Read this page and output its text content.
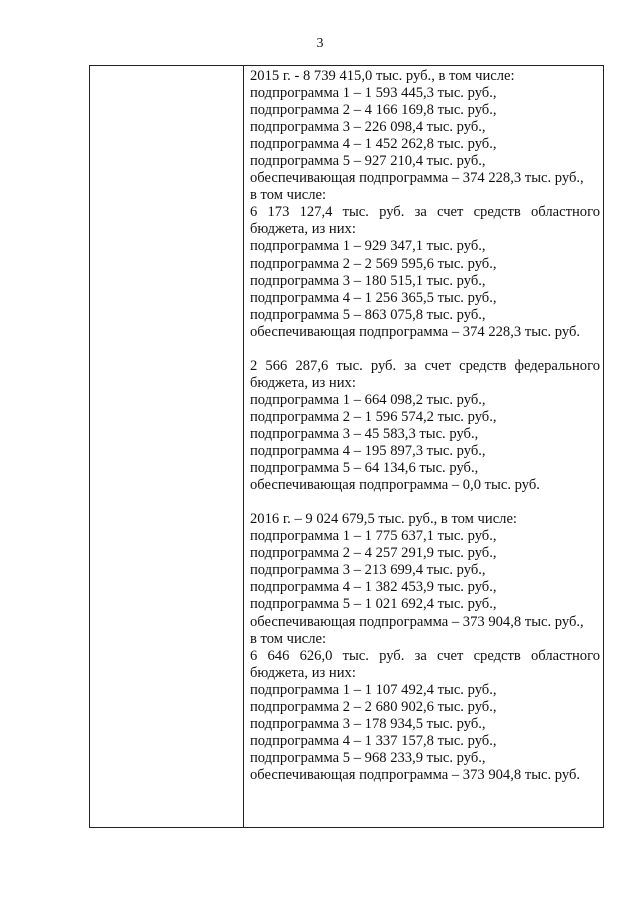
3
2015 г. - 8 739 415,0 тыс. руб., в том числе:
подпрограмма 1 – 1 593 445,3 тыс. руб.,
подпрограмма 2 – 4 166 169,8 тыс. руб.,
подпрограмма 3 – 226 098,4 тыс. руб.,
подпрограмма 4 – 1 452 262,8 тыс. руб.,
подпрограмма 5 – 927 210,4 тыс. руб.,
обеспечивающая подпрограмма – 374 228,3 тыс. руб.,
в том числе:
6 173 127,4 тыс. руб. за счет средств областного
бюджета, из них:
подпрограмма 1 – 929 347,1 тыс. руб.,
подпрограмма 2 – 2 569 595,6 тыс. руб.,
подпрограмма 3 – 180 515,1 тыс. руб.,
подпрограмма 4 – 1 256 365,5 тыс. руб.,
подпрограмма 5 – 863 075,8 тыс. руб.,
обеспечивающая подпрограмма – 374 228,3 тыс. руб.
2 566 287,6 тыс. руб. за счет средств федерального
бюджета, из них:
подпрограмма 1 – 664 098,2 тыс. руб.,
подпрограмма 2 – 1 596 574,2 тыс. руб.,
подпрограмма 3 – 45 583,3 тыс. руб.,
подпрограмма 4 – 195 897,3 тыс. руб.,
подпрограмма 5 – 64 134,6 тыс. руб.,
обеспечивающая подпрограмма – 0,0 тыс. руб.
2016 г. – 9 024 679,5 тыс. руб., в том числе:
подпрограмма 1 – 1 775 637,1 тыс. руб.,
подпрограмма 2 – 4 257 291,9 тыс. руб.,
подпрограмма 3 – 213 699,4 тыс. руб.,
подпрограмма 4 – 1 382 453,9 тыс. руб.,
подпрограмма 5 – 1 021 692,4 тыс. руб.,
обеспечивающая подпрограмма – 373 904,8 тыс. руб.,
в том числе:
6 646 626,0 тыс. руб. за счет средств областного
бюджета, из них:
подпрограмма 1 – 1 107 492,4 тыс. руб.,
подпрограмма 2 – 2 680 902,6 тыс. руб.,
подпрограмма 3 – 178 934,5 тыс. руб.,
подпрограмма 4 – 1 337 157,8 тыс. руб.,
подпрограмма 5 – 968 233,9 тыс. руб.,
обеспечивающая подпрограмма – 373 904,8 тыс. руб.
